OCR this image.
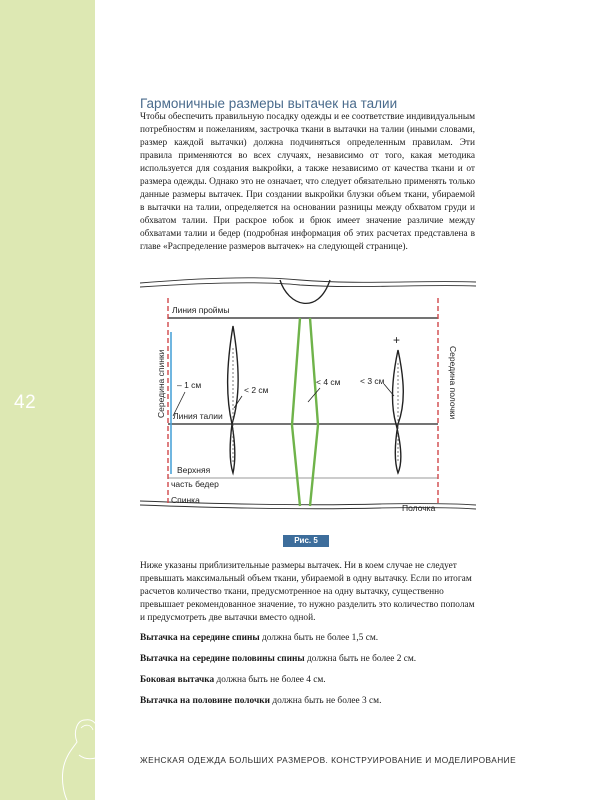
42
Гармоничные размеры вытачек на талии

Чтобы обеспечить правильную посадку одежды и ее соответствие индивидуальным потребностям и пожеланиям, застрочка ткани в вытачки на талии (иными словами, размер каждой вытачки) должна подчиняться определенным правилам. Эти правила применяются во всех случаях, независимо от того, какая методика используется для создания выкройки, а также независимо от качества ткани и от размера одежды. Однако это не означает, что следует обязательно применять только данные размеры вытачек. При создании выкройки блузки объем ткани, убираемой в вытачки на талии, определяется на основании разницы между обхватом груди и обхватом талии. При раскрое юбок и брюк имеет значение различие между обхватами талии и бедер (подробная информация об этих расчетах представлена в главе «Распределение размеров вытачек» на следующей странице).

+
Линия проймы
Линия талии
Верхняя
часть бедер
Спинка
Полочка
– 1 см	< 2 см
< 4 см < 3 см
Середина спинки	Середина полочки
Рис. 5

Ниже указаны приблизительные размеры вытачек. Ни в коем случае не следует превышать максимальный объем ткани, убираемой в одну вытачку. Если по итогам расчетов количество ткани, предусмотренное на одну вытачку, существенно превышает рекомендованное значение, то нужно разделить это количество пополам и предусмотреть две вытачки вместо одной.

Вытачка на середине спины должна быть не более 1,5 см.

Вытачка на середине половины спины должна быть не более 2 см.

Боковая вытачка должна быть не более 4 см.

Вытачка на половине полочки должна быть не более 3 см.

ЖЕНСКАЯ ОДЕЖДА БОЛЬШИХ РАЗМЕРОВ. КОНСТРУИРОВАНИЕ И МОДЕЛИРОВАНИЕ
